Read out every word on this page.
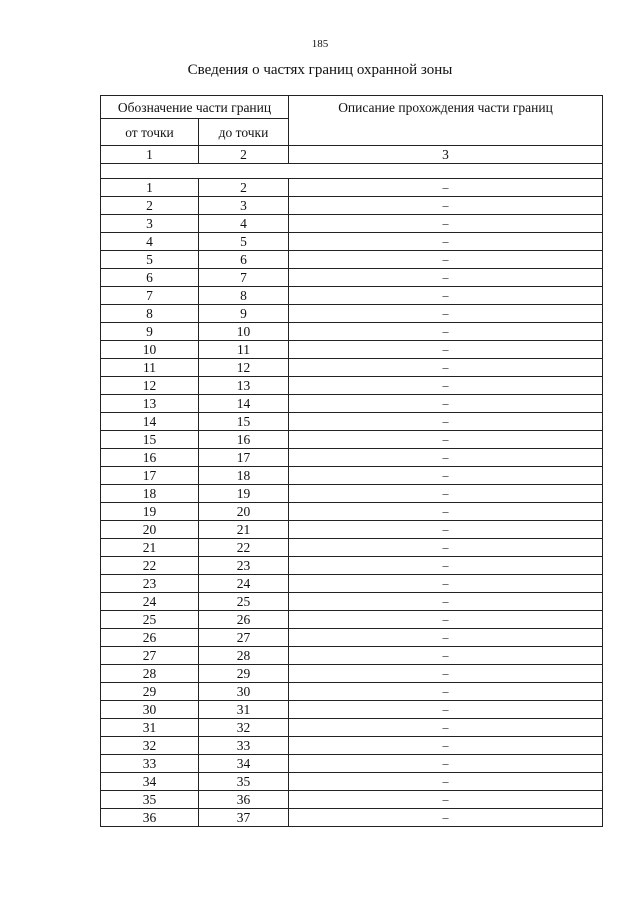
185
Сведения о частях границ охранной зоны
Обозначение части границ		Описание прохождения части границ
от точки	до точки	
1	2	3

1	2	–
2	3	–
3	4	–
4	5	–
5	6	–
6	7	–
7	8	–
8	9	–
9	10	–
10	11	–
11	12	–
12	13	–
13	14	–
14	15	–
15	16	–
16	17	–
17	18	–
18	19	–
19	20	–
20	21	–
21	22	–
22	23	–
23	24	–
24	25	–
25	26	–
26	27	–
27	28	–
28	29	–
29	30	–
30	31	–
31	32	–
32	33	–
33	34	–
34	35	–
35	36	–
36	37	–
